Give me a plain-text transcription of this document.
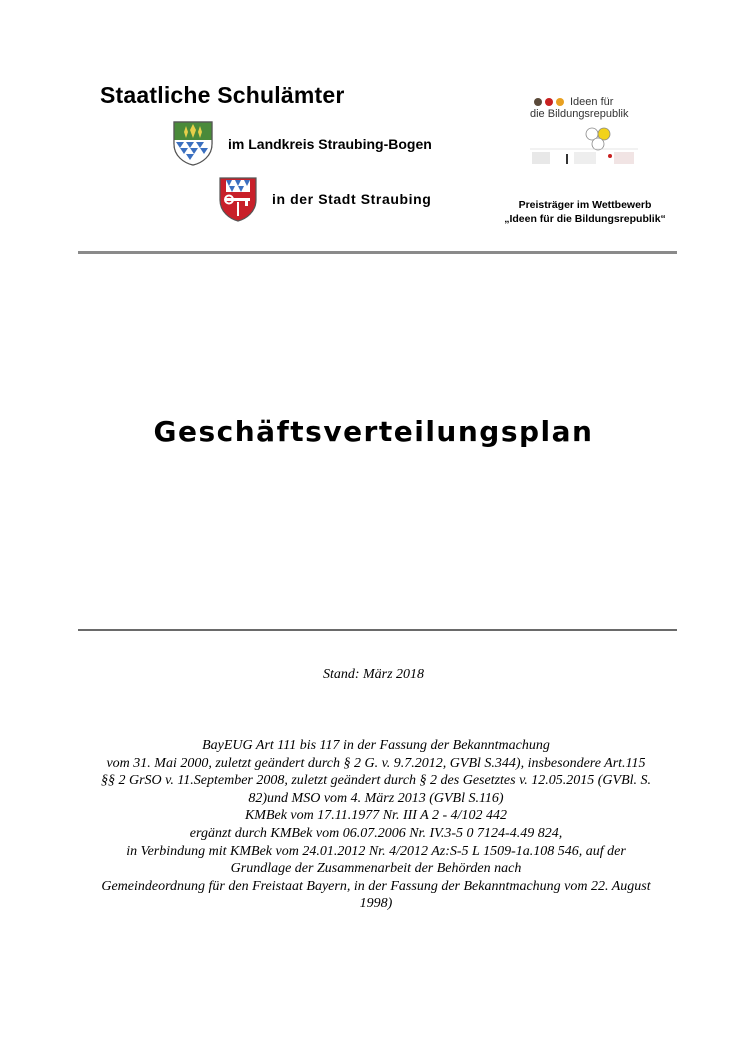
Staatliche Schulämter
im Landkreis Straubing-Bogen
in der Stadt Straubing
Ideen für
die Bildungsrepublik
Preisträger im Wettbewerb
„Ideen für die Bildungsrepublik“
Geschäftsverteilungsplan
Stand: März 2018
BayEUG Art 111 bis 117 in der Fassung der Bekanntmachung
vom 31. Mai 2000, zuletzt geändert durch § 2 G. v. 9.7.2012, GVBl S.344), insbesondere Art.115
§§ 2 GrSO v. 11.September 2008, zuletzt geändert durch § 2 des Gesetztes v. 12.05.2015 (GVBl. S. 82)und MSO vom 4. März 2013 (GVBl S.116)
KMBek vom 17.11.1977 Nr. III A 2 - 4/102 442
ergänzt durch KMBek vom 06.07.2006 Nr. IV.3-5 0 7124-4.49 824,
in Verbindung mit KMBek vom 24.01.2012 Nr. 4/2012 Az:S-5 L 1509-1a.108 546, auf der Grundlage der Zusammenarbeit der Behörden nach
Gemeindeordnung für den Freistaat Bayern, in der Fassung der Bekanntmachung vom 22. August 1998)
